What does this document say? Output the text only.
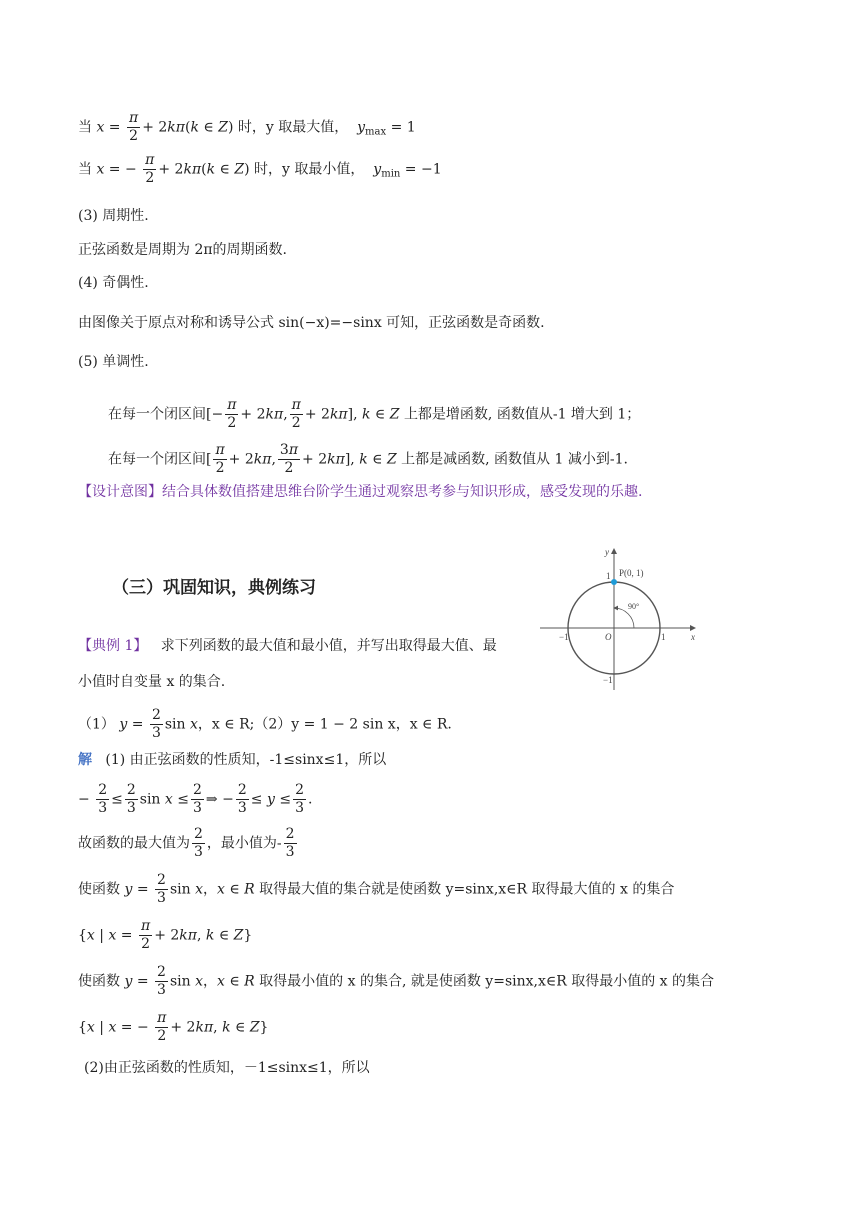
当 $x = \frac{\pi}{2} + 2k\pi(k$ ∈ Z) 时，y 取最大值， $y_{max} = 1$
当 x = − $\frac{\pi}{2} + 2k\pi(k$ ∈ Z) 时，y 取最小值， $y_{min} = -1$
(3) 周期性.
正弦函数是周期为 2π的周期函数.
(4) 奇偶性.
由图像关于原点对称和诱导公式 sin(−x)=−sinx 可知，正弦函数是奇函数.
(5) 单调性.
在每一个闭区间[− $\frac{\pi}{2} + 2k\pi$, $\frac{\pi}{2} + 2k\pi$], k ∈ Z 上都是增函数, 函数值从-1 增大到 1；
在每一个闭区间[ $\frac{\pi}{2} + 2k\pi$, $\frac{3\pi}{2} + 2k\pi$], k ∈ Z 上都是减函数, 函数值从 1 减小到-1.
【设计意图】结合具体数值搭建思维台阶学生通过观察思考参与知识形成，感受发现的乐趣.
（三）巩固知识，典例练习
P(0, 1)
90°
x
y
O	1
−1
1
−1
【典例 1】 求下列函数的最大值和最小值，并写出取得最大值、最
小值时自变量 x 的集合.
（1） $y = \frac{2}{3}$ sin x，x ∈ R;（2）y = 1 − 2 sin x，x ∈ R.
解 (1) 由正弦函数的性质知，-1≤sinx≤1，所以
− $\frac{2}{3} \le \frac{2}{3}$ $\sin x \le \frac{2}{3}$ ⇒ − $\frac{2}{3} \le y \le \frac{2}{3}$ .
故函数的最大值为 $\frac{2}{3}$ ，最小值为- $\frac{2}{3}$
使函数 $y = \frac{2}{3}$ sin x，x ∈ R 取得最大值的集合就是使函数 y=sinx,x∈R 取得最大值的 x 的集合
{x | $x = \frac{\pi}{2} + 2k\pi$, k ∈ Z}
使函数 $y = \frac{2}{3}$ sin x，x ∈ R 取得最小值的 x 的集合, 就是使函数 y=sinx,x∈R 取得最小值的 x 的集合
{x | x = − $\frac{\pi}{2} + 2k\pi$, k ∈ Z}
(2)由正弦函数的性质知，－1≤sinx≤1，所以
